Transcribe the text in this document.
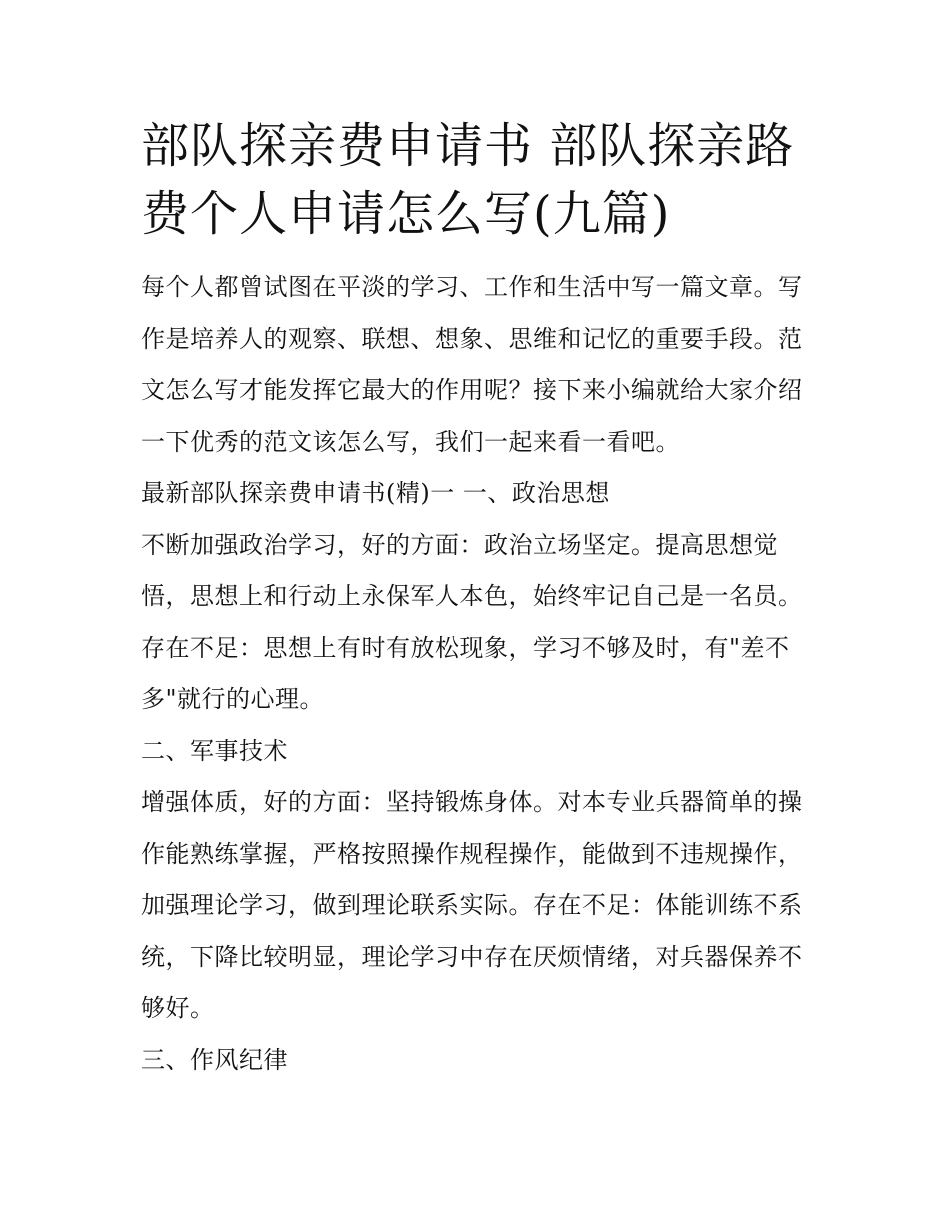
部队探亲费申请书 部队探亲路
费个人申请怎么写(九篇)
每个人都曾试图在平淡的学习、工作和生活中写一篇文章。写
作是培养人的观察、联想、想象、思维和记忆的重要手段。范
文怎么写才能发挥它最大的作用呢？接下来小编就给大家介绍
一下优秀的范文该怎么写，我们一起来看一看吧。
最新部队探亲费申请书(精)一 一、政治思想
不断加强政治学习，好的方面：政治立场坚定。提高思想觉
悟，思想上和行动上永保军人本色，始终牢记自己是一名员。
存在不足：思想上有时有放松现象，学习不够及时，有"差不
多"就行的心理。
二、军事技术
增强体质，好的方面：坚持锻炼身体。对本专业兵器简单的操
作能熟练掌握，严格按照操作规程操作，能做到不违规操作，
加强理论学习，做到理论联系实际。存在不足：体能训练不系
统，下降比较明显，理论学习中存在厌烦情绪，对兵器保养不
够好。
三、作风纪律
